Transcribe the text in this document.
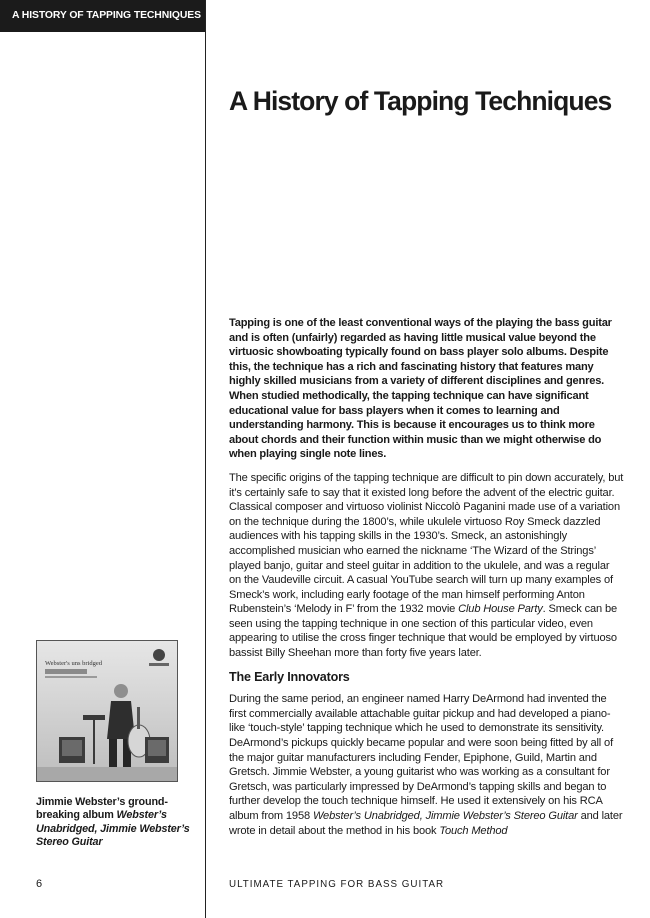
A HISTORY OF TAPPING TECHNIQUES
A History of Tapping Techniques

Tapping is one of the least conventional ways of the playing the bass guitar and is often (unfairly) regarded as having little musical value beyond the virtuosic showboating typically found on bass player solo albums. Despite this, the technique has a rich and fascinating history that features many highly skilled musicians from a variety of different disciplines and genres. When studied methodically, the tapping technique can have significant educational value for bass players when it comes to learning and understanding harmony. This is because it encourages us to think more about chords and their function within music than we might otherwise do when playing single note lines.

The specific origins of the tapping technique are difficult to pin down accurately, but it’s certainly safe to say that it existed long before the advent of the electric guitar. Classical composer and virtuoso violinist Niccolò Paganini made use of a variation on the technique during the 1800’s, while ukulele virtuoso Roy Smeck dazzled audiences with his tapping skills in the 1930’s. Smeck, an astonishingly accomplished musician who earned the nickname ‘The Wizard of the Strings’ played banjo, guitar and steel guitar in addition to the ukulele, and was a regular on the Vaudeville circuit. A casual YouTube search will turn up many examples of Smeck’s work, including early footage of the man himself performing Anton Rubenstein’s ‘Melody in F’ from the 1932 movie Club House Party. Smeck can be seen using the tapping technique in one section of this particular video, even appearing to utilise the cross finger technique that would be employed by virtuoso bassist Billy Sheehan more than forty five years later.

The Early Innovators

During the same period, an engineer named Harry DeArmond had invented the first commercially available attachable guitar pickup and had developed a piano-like ‘touch-style’ tapping technique which he used to demonstrate its sensitivity. DeArmond’s pickups quickly became popular and were soon being fitted by all of the major guitar manufacturers including Fender, Epiphone, Guild, Martin and Gretsch. Jimmie Webster, a young guitarist who was working as a consultant for Gretsch, was particularly impressed by DeArmond’s tapping skills and began to further develop the touch technique himself. He used it extensively on his RCA album from 1958 Webster’s Unabridged, Jimmie Webster’s Stereo Guitar and later wrote in detail about the method in his book Touch Method

Webster's uns bridged

Jimmie Webster’s ground-breaking album Webster’s Unabridged, Jimmie Webster’s Stereo Guitar

6	ULTIMATE TAPPING FOR BASS GUITAR
